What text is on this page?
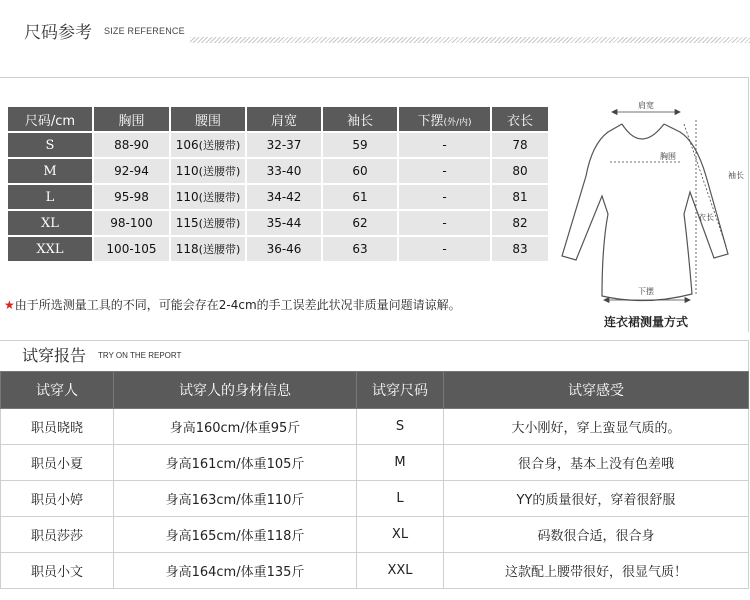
尺码参考 SIZE REFERENCE
尺码/cm	胸围	腰围	肩宽	袖长	下摆(外/内)	衣长
S	88-90	106(送腰带)	32-37	59	-	78
M	92-94	110(送腰带)	33-40	60	-	80
L	95-98	110(送腰带)	34-42	61	-	81
XL	98-100	115(送腰带)	35-44	62	-	82
XXL	100-105	118(送腰带)	36-46	63	-	83
★由于所选测量工具的不同，可能会存在2-4cm的手工误差此状况非质量问题请谅解。
肩宽
胸围
袖长
衣长
下摆
连衣裙测量方式
试穿报告 TRY ON THE REPORT
试穿人	试穿人的身材信息	试穿尺码	试穿感受
职员晓晓	身高160cm/体重95斤	S	大小刚好，穿上蛮显气质的。
职员小夏	身高161cm/体重105斤	M	很合身，基本上没有色差哦
职员小婷	身高163cm/体重110斤	L	YY的质量很好，穿着很舒服
职员莎莎	身高165cm/体重118斤	XL	码数很合适，很合身
职员小文	身高164cm/体重135斤	XXL	这款配上腰带很好，很显气质！
